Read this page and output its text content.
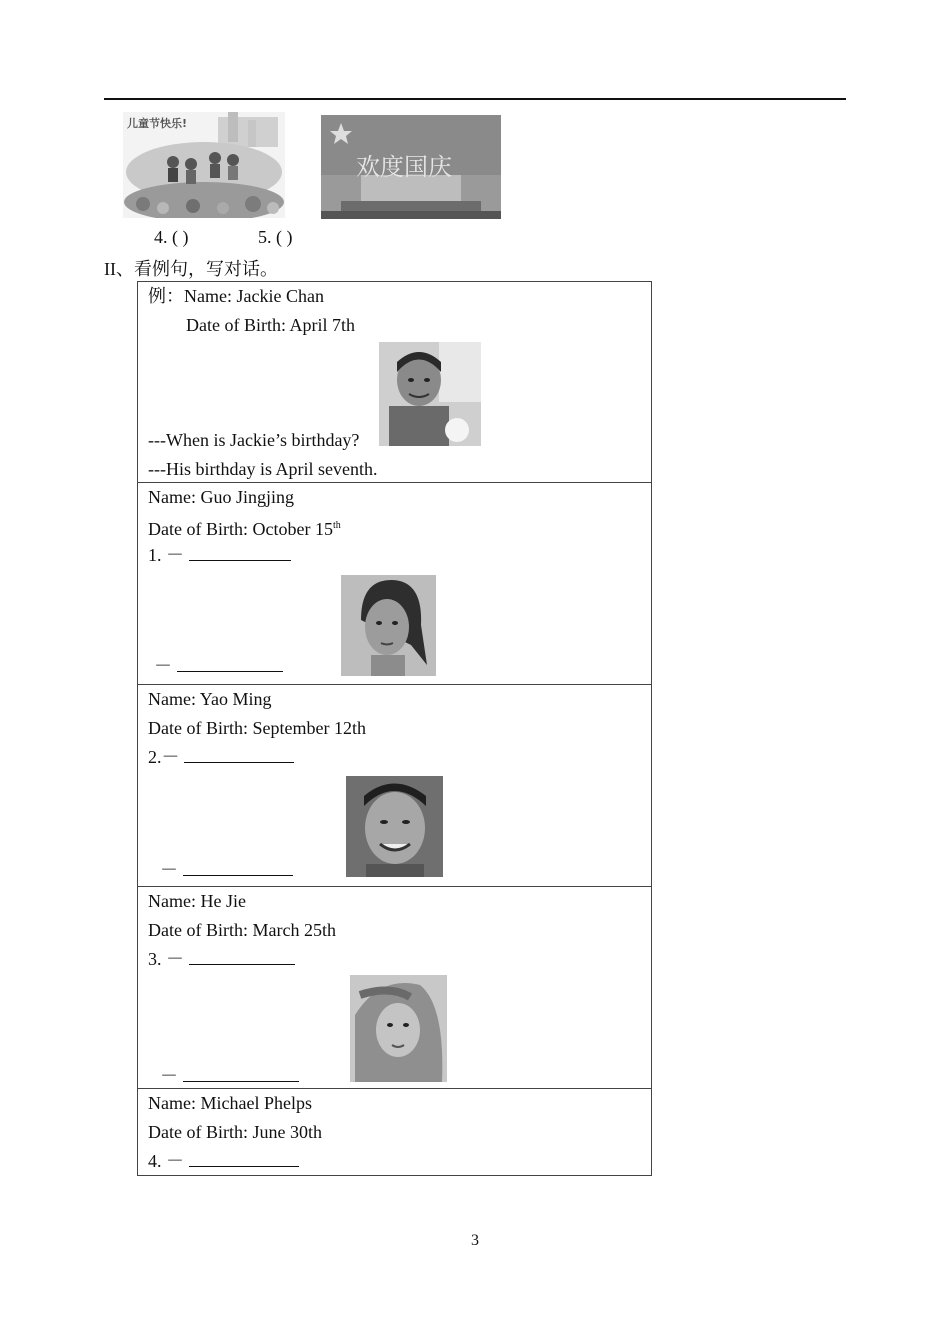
儿童节快乐!
欢度国庆
4. ( )	5. ( )
II、看例句，写对话。
例：Name: Jackie Chan
Date of Birth: April 7th
---When is Jackie’s birthday?
---His birthday is April seventh.

Name: Guo Jingjing
Date of Birth: October 15th
1. －
－

Name: Yao Ming
Date of Birth: September 12th
2.－
－

Name: He Jie
Date of Birth: March 25th
3. －
－

Name: Michael Phelps
Date of Birth: June 30th
4. －
3
